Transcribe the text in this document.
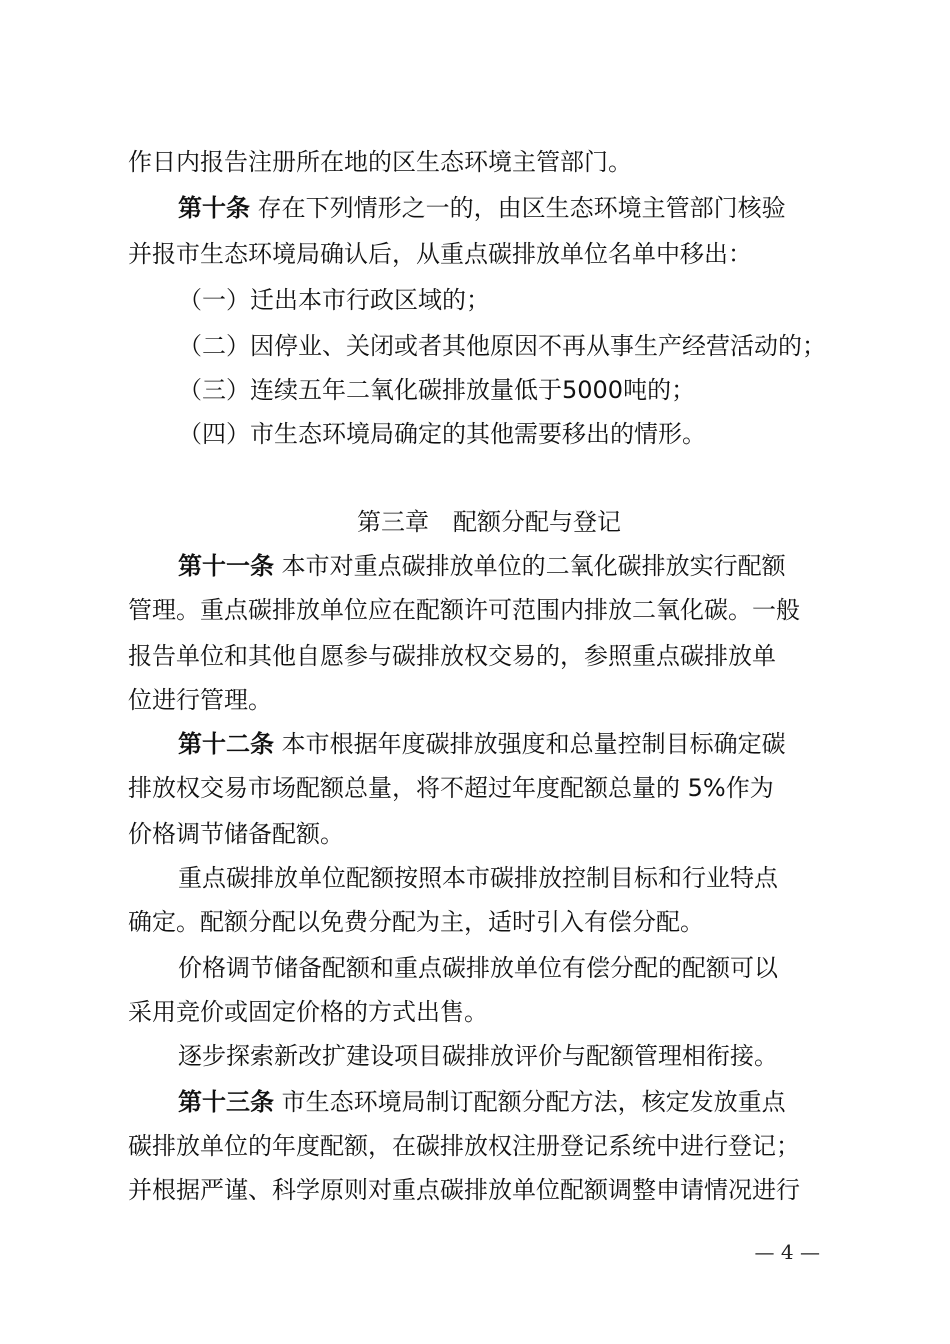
作日内报告注册所在地的区生态环境主管部门。
第十条 存在下列情形之一的，由区生态环境主管部门核验
并报市生态环境局确认后，从重点碳排放单位名单中移出：
（一）迁出本市行政区域的；
（二）因停业、关闭或者其他原因不再从事生产经营活动的；
（三）连续五年二氧化碳排放量低于5000吨的；
（四）市生态环境局确定的其他需要移出的情形。
第三章　配额分配与登记
第十一条 本市对重点碳排放单位的二氧化碳排放实行配额
管理。重点碳排放单位应在配额许可范围内排放二氧化碳。一般
报告单位和其他自愿参与碳排放权交易的，参照重点碳排放单
位进行管理。
第十二条 本市根据年度碳排放强度和总量控制目标确定碳
排放权交易市场配额总量，将不超过年度配额总量的 5%作为
价格调节储备配额。
重点碳排放单位配额按照本市碳排放控制目标和行业特点
确定。配额分配以免费分配为主，适时引入有偿分配。
价格调节储备配额和重点碳排放单位有偿分配的配额可以
采用竞价或固定价格的方式出售。
逐步探索新改扩建设项目碳排放评价与配额管理相衔接。
第十三条 市生态环境局制订配额分配方法，核定发放重点
碳排放单位的年度配额，在碳排放权注册登记系统中进行登记；
并根据严谨、科学原则对重点碳排放单位配额调整申请情况进行
— 4 —
